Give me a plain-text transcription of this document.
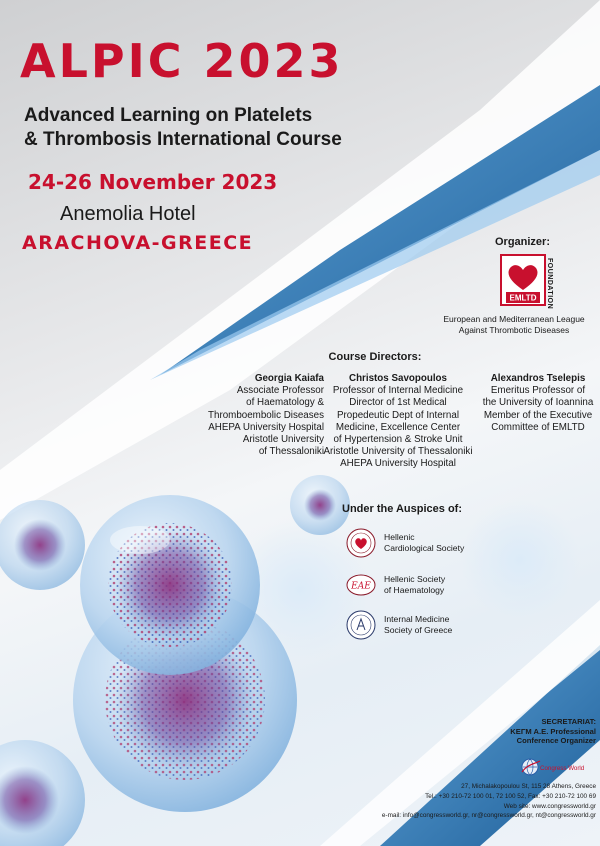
ALPIC 2023
Advanced Learning on Platelets
& Thrombosis International Course
24-26 November 2023
Anemolia Hotel
ARACHOVA-GREECE	Organizer:
EMLTD FOUNDATION
European and Mediterranean League
Against Thrombotic Diseases
Course Directors:
Georgia Kaiafa
Associate Professor
of Haematology &
Thromboembolic Diseases
AHEPA University Hospital
Aristotle University
of Thessaloniki
Christos Savopoulos
Professor of Internal Medicine
Director of 1st Medical
Propedeutic Dept of Internal
Medicine, Excellence Center
of Hypertension & Stroke Unit
Aristotle University of Thessaloniki
AHEPA University Hospital
Alexandros Tselepis
Emeritus Professor of
the University of Ioannina
Member of the Executive
Committee of EMLTD
Under the Auspices of:
Hellenic
Cardiological Society
ΕΑΕ
Hellenic Society
of Haematology
Internal Medicine
Society of Greece
SECRETARIAT:
ΚΕΓΜ Α.Ε. Professional
Conference Organizer
Congress World
27, Michalakopoulou St, 115 28 Athens, Greece
Tel.: +30 210-72 100 01, 72 100 52, Fax: +30 210-72 100 69
Web site: www.congressworld.gr
e-mail: info@congressworld.gr, nr@congressworld.gr, nt@congressworld.gr
